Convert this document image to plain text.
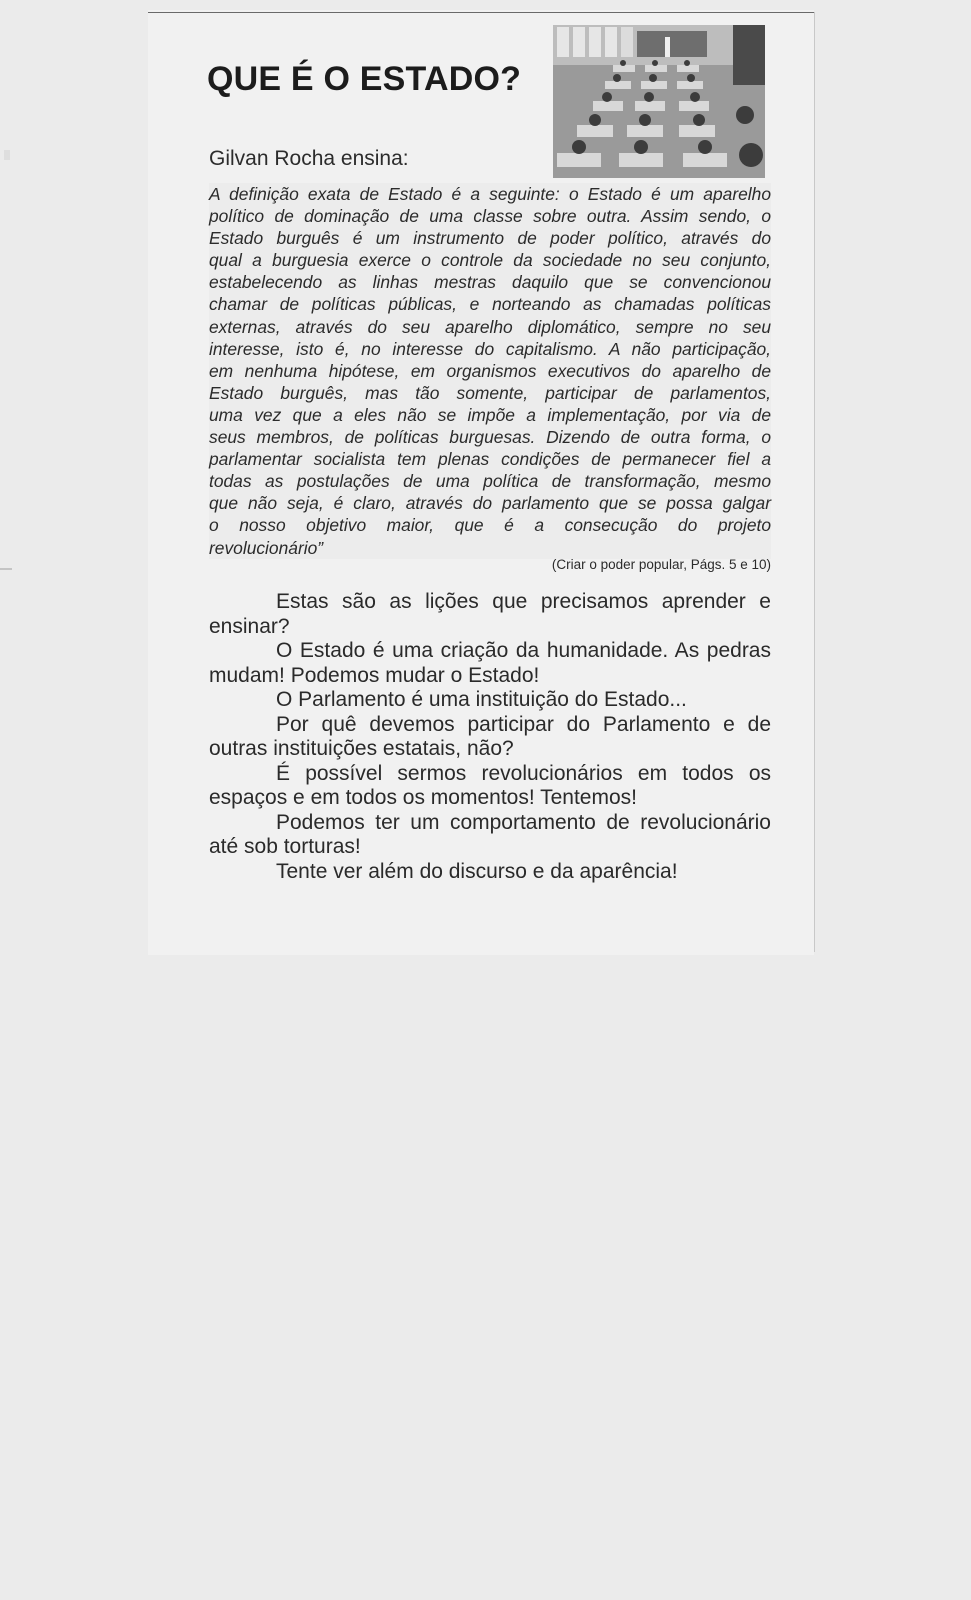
QUE É O ESTADO?
Gilvan Rocha ensina:
A definição exata de Estado é a seguinte: o Estado é um aparelho
político de dominação de uma classe sobre outra. Assim sendo, o
Estado burguês é um instrumento de poder político, através do
qual a burguesia exerce o controle da sociedade no seu conjunto,
estabelecendo as linhas mestras daquilo que se convencionou
chamar de políticas públicas, e norteando as chamadas políticas
externas, através do seu aparelho diplomático, sempre no seu
interesse, isto é, no interesse do capitalismo. A não participação,
em nenhuma hipótese, em organismos executivos do aparelho de
Estado burguês, mas tão somente, participar de parlamentos,
uma vez que a eles não se impõe a implementação, por via de
seus membros, de políticas burguesas. Dizendo de outra forma, o
parlamentar socialista tem plenas condições de permanecer fiel a
todas as postulações de uma política de transformação, mesmo
que não seja, é claro, através do parlamento que se possa galgar
o nosso objetivo maior, que é a consecução do projeto
revolucionário”
(Criar o poder popular, Págs. 5 e 10)

Estas são as lições que precisamos aprender e ensinar?

O Estado é uma criação da humanidade. As pedras mudam! Podemos mudar o Estado!

O Parlamento é uma instituição do Estado...

Por quê devemos participar do Parlamento e de outras instituições estatais, não?

É possível sermos revolucionários em todos os espaços e em todos os momentos! Tentemos!

Podemos ter um comportamento de revolucionário até sob torturas!

Tente ver além do discurso e da aparência!
